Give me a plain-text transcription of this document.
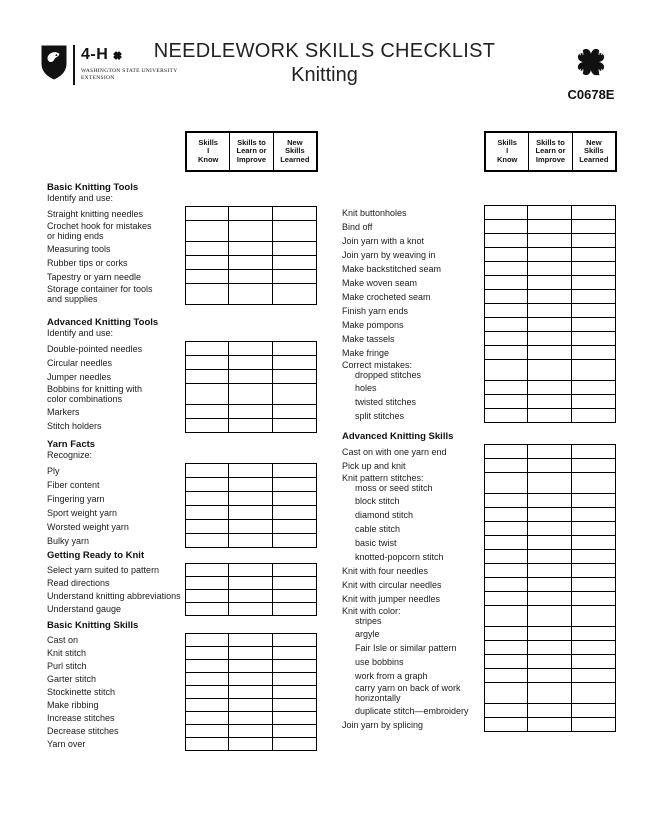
4-H
WASHINGTON STATE UNIVERSITY
EXTENSION
NEEDLEWORK SKILLS CHECKLIST
Knitting
H H
H H
C0678E
Skills
I
Know
Skills to
Learn or
Improve
New
Skills
Learned
Skills
I
Know
Skills to
Learn or
Improve
New
Skills
Learned
Basic Knitting Tools
Identify and use:
Straight knitting needles
Crochet hook for mistakes
or hiding ends
Measuring tools
Rubber tips or corks
Tapestry or yarn needle
Storage container for tools
and supplies
Advanced Knitting Tools
Identify and use:
Double-pointed needles
Circular needles
Jumper needles
Bobbins for knitting with
color combinations
Markers
Stitch holders
Yarn Facts
Recognize:
Ply
Fiber content
Fingering yarn
Sport weight yarn
Worsted weight yarn
Bulky yarn
Getting Ready to Knit
Select yarn suited to pattern
Read directions
Understand knitting abbreviations
Understand gauge
Basic Knitting Skills
Cast on
Knit stitch
Purl stitch
Garter stitch
Stockinette stitch
Make ribbing
Increase stitches
Decrease stitches
Yarn over
Knit buttonholes
Bind off
Join yarn with a knot
Join yarn by weaving in
Make backstitched seam
Make woven seam
Make crocheted seam
Finish yarn ends
Make pompons
Make tassels
Make fringe
Correct mistakes:
dropped stitches
holes
twisted stitches
split stitches
Advanced Knitting Skills
Cast on with one yarn end
Pick up and knit
Knit pattern stitches:
moss or seed stitch
block stitch
diamond stitch
cable stitch
basic twist
knotted-popcorn stitch
Knit with four needles
Knit with circular needles
Knit with jumper needles
Knit with color:
stripes
argyle
Fair Isle or similar pattern
use bobbins
work from a graph
carry yarn on back of work
horizontally
duplicate stitch—embroidery
Join yarn by splicing
